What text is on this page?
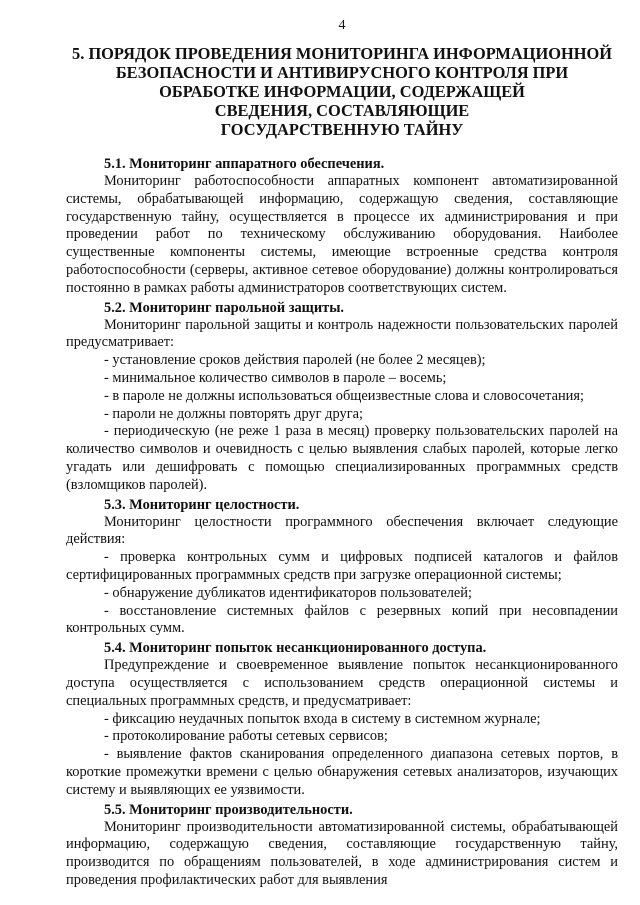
4
5. ПОРЯДОК ПРОВЕДЕНИЯ МОНИТОРИНГА ИНФОРМАЦИОННОЙ
БЕЗОПАСНОСТИ И АНТИВИРУСНОГО КОНТРОЛЯ ПРИ
ОБРАБОТКЕ ИНФОРМАЦИИ, СОДЕРЖАЩЕЙ
СВЕДЕНИЯ, СОСТАВЛЯЮЩИЕ
ГОСУДАРСТВЕННУЮ ТАЙНУ
5.1. Мониторинг аппаратного обеспечения.

Мониторинг работоспособности аппаратных компонент автоматизированной системы, обрабатывающей информацию, содержащую сведения, составляющие государственную тайну, осуществляется в процессе их администрирования и при проведении работ по техническому обслуживанию оборудования. Наиболее существенные компоненты системы, имеющие встроенные средства контроля работоспособности (серверы, активное сетевое оборудование) должны контролироваться постоянно в рамках работы администраторов соответствующих систем.

5.2. Мониторинг парольной защиты.

Мониторинг парольной защиты и контроль надежности пользовательских паролей предусматривает:

- установление сроков действия паролей (не более 2 месяцев);

- минимальное количество символов в пароле – восемь;

- в пароле не должны использоваться общеизвестные слова и словосочетания;

- пароли не должны повторять друг друга;

- периодическую (не реже 1 раза в месяц) проверку пользовательских паролей на количество символов и очевидность с целью выявления слабых паролей, которые легко угадать или дешифровать с помощью специализированных программных средств (взломщиков паролей).

5.3. Мониторинг целостности.

Мониторинг целостности программного обеспечения включает следующие действия:

- проверка контрольных сумм и цифровых подписей каталогов и файлов сертифицированных программных средств при загрузке операционной системы;

- обнаружение дубликатов идентификаторов пользователей;

- восстановление системных файлов с резервных копий при несовпадении контрольных сумм.

5.4. Мониторинг попыток несанкционированного доступа.

Предупреждение и своевременное выявление попыток несанкционированного доступа осуществляется с использованием средств операционной системы и специальных программных средств, и предусматривает:

- фиксацию неудачных попыток входа в систему в системном журнале;

- протоколирование работы сетевых сервисов;

- выявление фактов сканирования определенного диапазона сетевых портов, в короткие промежутки времени с целью обнаружения сетевых анализаторов, изучающих систему и выявляющих ее уязвимости.

5.5. Мониторинг производительности.

Мониторинг производительности автоматизированной системы, обрабатывающей информацию, содержащую сведения, составляющие государственную тайну, производится по обращениям пользователей, в ходе администрирования систем и проведения профилактических работ для выявления
